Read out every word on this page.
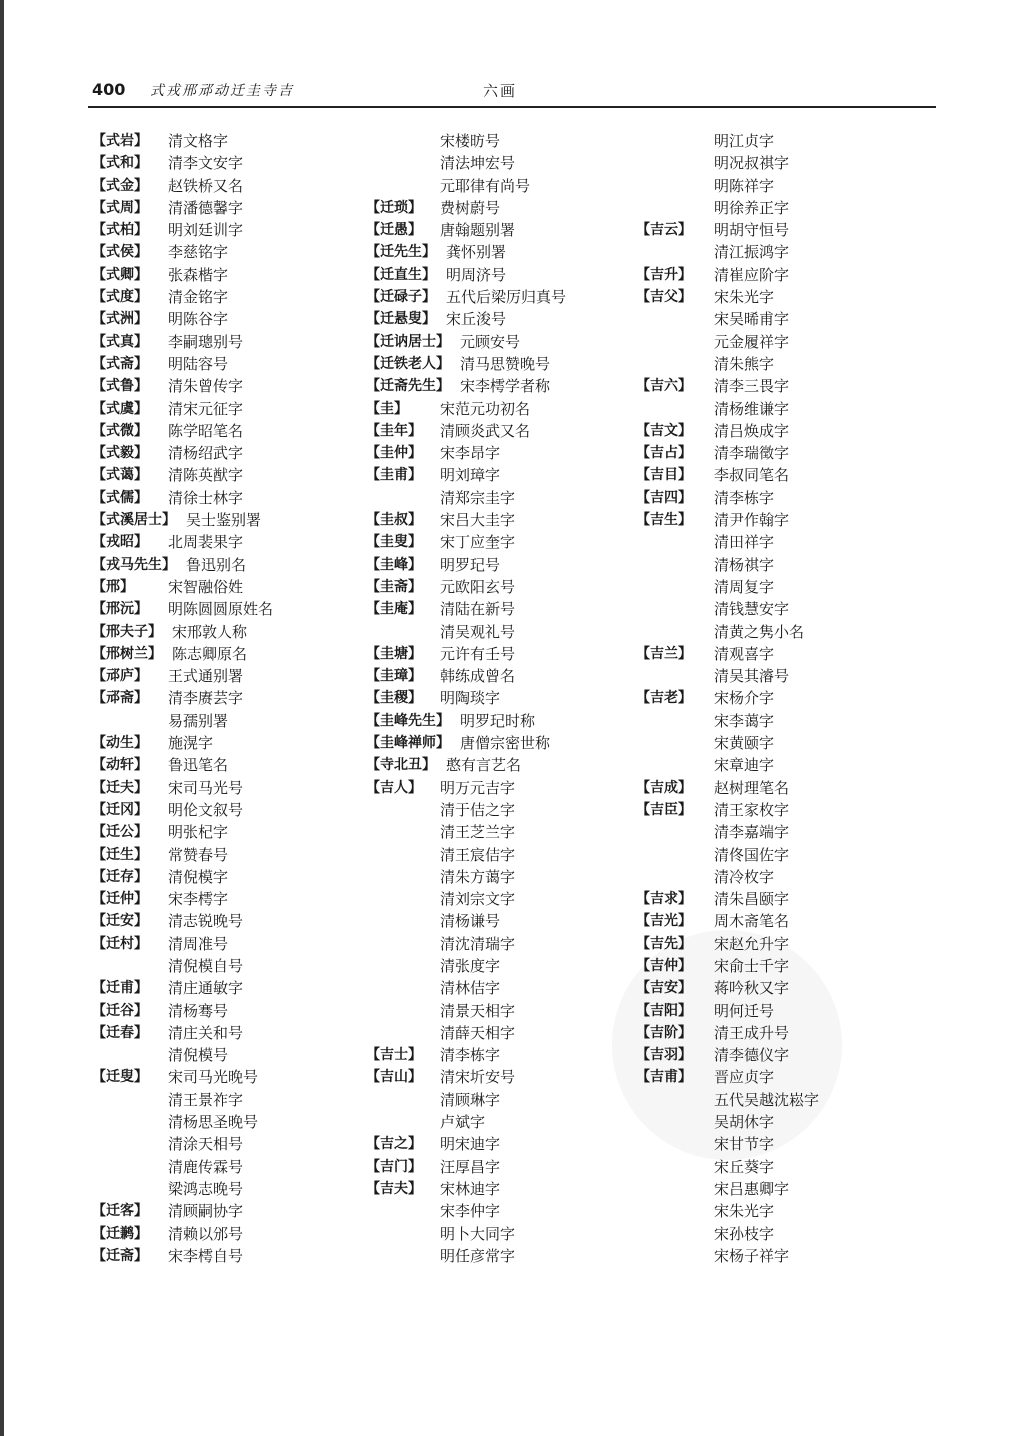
400 式戎邢邧动迁圭寺吉	六画
【式岩】 清文格字
【式和】 清李文安字
【式金】 赵铁桥又名
【式周】 清潘德馨字
【式柏】 明刘廷训字
【式侯】 李慈铭字
【式卿】 张森楷字
【式度】 清金铭字
【式洲】 明陈谷字
【式真】 李嗣璁别号
【式斋】 明陆容号
【式鲁】 清朱曾传字
【式虞】 清宋元征字
【式微】 陈学昭笔名
【式毅】 清杨绍武字
【式蔼】 清陈英猷字
【式儒】 清徐士林字
【式溪居士】 吴士鉴别署
【戎昭】 北周裴果字
【戎马先生】 鲁迅别名
【邢】 宋智融俗姓
【邢沅】 明陈圆圆原姓名
【邢夫子】 宋邢敦人称
【邢树兰】 陈志卿原名
【邧庐】 王式通别署
【邧斋】 清李赓芸字
易孺别署
【动生】 施滉字
【动轩】 鲁迅笔名
【迁夫】 宋司马光号
【迁冈】 明伦文叙号
【迁公】 明张杞字
【迁生】 常赞春号
【迁存】 清倪模字
【迁仲】 宋李樗字
【迁安】 清志锐晚号
【迁村】 清周准号
清倪模自号
【迁甫】 清庄通敏字
【迁谷】 清杨骞号
【迁春】 清庄关和号
清倪模号
【迁叟】 宋司马光晚号
清王景祚字
清杨思圣晚号
清涂天相号
清鹿传霖号
梁鸿志晚号
【迁客】 清顾嗣协字
【迁鹣】 清赖以邠号
【迁斋】 宋李樗自号
宋楼昉号
清法坤宏号
元耶律有尚号
【迁琐】 费树蔚号
【迁愚】 唐翰题别署
【迁先生】 龚怀别署
【迁直生】 明周济号
【迁碌子】 五代后梁厉归真号
【迁悬叟】 宋丘浚号
【迁讷居士】 元顾安号
【迁铁老人】 清马思赞晚号
【迁斋先生】 宋李樗学者称
【圭】 宋范元功初名
【圭年】 清顾炎武又名
【圭仲】 宋李昂字
【圭甫】 明刘璋字
清郑宗圭字
【圭叔】 宋吕大圭字
【圭叟】 宋丁应奎字
【圭峰】 明罗玘号
【圭斋】 元欧阳玄号
【圭庵】 清陆在新号
清吴观礼号
【圭塘】 元许有壬号
【圭璋】 韩练成曾名
【圭稷】 明陶琰字
【圭峰先生】 明罗玘时称
【圭峰禅师】 唐僧宗密世称
【寺北丑】 憨有言艺名
【吉人】 明万元吉字
清于佶之字
清王芝兰字
清王宸佶字
清朱方蔼字
清刘宗文字
清杨谦号
清沈清瑞字
清张度字
清林佶字
清景天相字
清薛天相字
【吉士】 清李栋字
【吉山】 清宋圻安号
清顾琳字
卢斌字
【吉之】 明宋迪字
【吉门】 汪厚昌字
【吉夫】 宋林迪字
宋李仲字
明卜大同字
明任彦常字
明江贞字
明况叔祺字
明陈祥字
明徐养正字
【吉云】 明胡守恒号
清江振鸿字
【吉升】 清崔应阶字
【吉父】 宋朱光字
宋吴晞甫字
元金履祥字
清朱熊字
【吉六】 清李三畏字
清杨维谦字
【吉文】 清吕焕成字
【吉占】 清李瑞徵字
【吉目】 李叔同笔名
【吉四】 清李栋字
【吉生】 清尹作翰字
清田祥字
清杨祺字
清周复字
清钱慧安字
清黄之隽小名
【吉兰】 清观喜字
清吴其濬号
【吉老】 宋杨介字
宋李蔼字
宋黄颐字
宋章迪字
【吉成】 赵树理笔名
【吉臣】 清王家枚字
清李嘉端字
清佟国佐字
清冷枚字
【吉求】 清朱昌颐字
【吉光】 周木斋笔名
【吉先】 宋赵允升字
【吉仲】 宋俞士千字
【吉安】 蒋吟秋又字
【吉阳】 明何迁号
【吉阶】 清王成升号
【吉羽】 清李德仪字
【吉甫】 晋应贞字
五代吴越沈崧字
吴胡休字
宋甘节字
宋丘葵字
宋吕惠卿字
宋朱光字
宋孙枝字
宋杨子祥字
